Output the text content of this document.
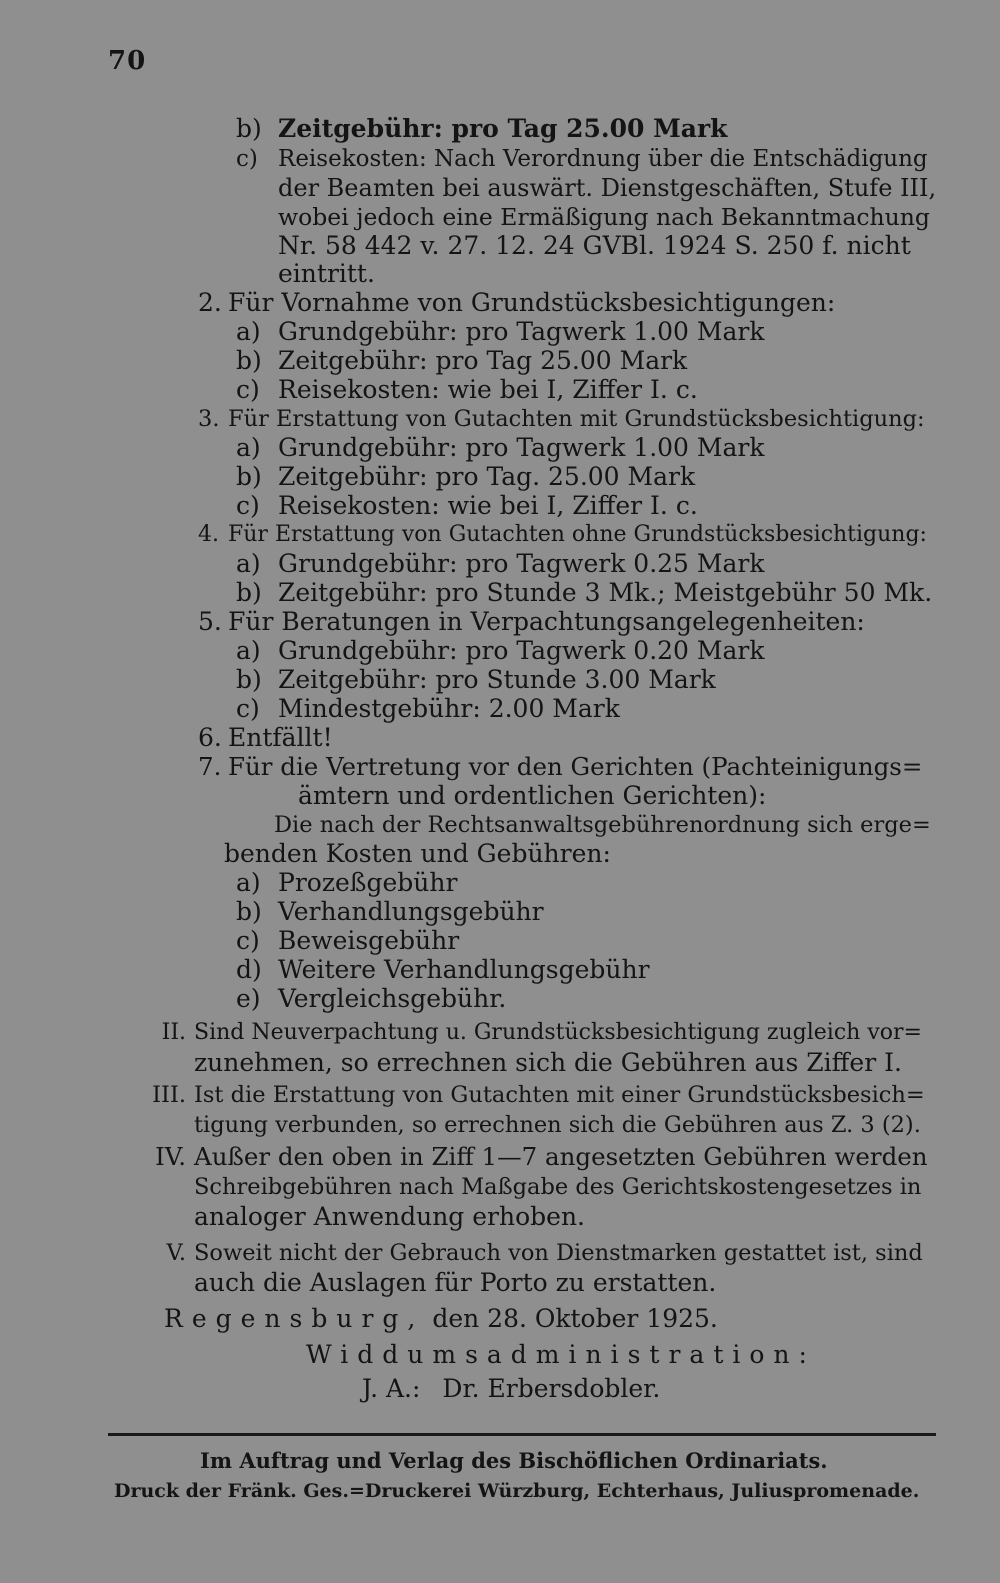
70
b) Zeitgebühr: pro Tag 25.00 Mark
c) Reisekosten: Nach Verordnung über die Entschädigung
der Beamten bei auswärt. Dienstgeschäften, Stufe III,
wobei jedoch eine Ermäßigung nach Bekanntmachung
Nr. 58 442 v. 27. 12. 24 GVBl. 1924 S. 250 f. nicht
eintritt.
2. Für Vornahme von Grundstücksbesichtigungen:
a) Grundgebühr: pro Tagwerk 1.00 Mark
b) Zeitgebühr: pro Tag 25.00 Mark
c) Reisekosten: wie bei I, Ziffer I. c.
3. Für Erstattung von Gutachten mit Grundstücksbesichtigung:
a) Grundgebühr: pro Tagwerk 1.00 Mark
b) Zeitgebühr: pro Tag. 25.00 Mark
c) Reisekosten: wie bei I, Ziffer I. c.
4. Für Erstattung von Gutachten ohne Grundstücksbesichtigung:
a) Grundgebühr: pro Tagwerk 0.25 Mark
b) Zeitgebühr: pro Stunde 3 Mk.; Meistgebühr 50 Mk.
5. Für Beratungen in Verpachtungsangelegenheiten:
a) Grundgebühr: pro Tagwerk 0.20 Mark
b) Zeitgebühr: pro Stunde 3.00 Mark
c) Mindestgebühr: 2.00 Mark
6. Entfällt!
7. Für die Vertretung vor den Gerichten (Pachteinigungs=
ämtern und ordentlichen Gerichten):
Die nach der Rechtsanwaltsgebührenordnung sich erge=
benden Kosten und Gebühren:
a) Prozeßgebühr
b) Verhandlungsgebühr
c) Beweisgebühr
d) Weitere Verhandlungsgebühr
e) Vergleichsgebühr.
II. Sind Neuverpachtung u. Grundstücksbesichtigung zugleich vor=
zunehmen, so errechnen sich die Gebühren aus Ziffer I.
III. Ist die Erstattung von Gutachten mit einer Grundstücksbesich=
tigung verbunden, so errechnen sich die Gebühren aus Z. 3 (2).
IV. Außer den oben in Ziff 1—7 angesetzten Gebühren werden
Schreibgebühren nach Maßgabe des Gerichtskostengesetzes in
analoger Anwendung erhoben.
V. Soweit nicht der Gebrauch von Dienstmarken gestattet ist, sind
auch die Auslagen für Porto zu erstatten.
Regensburg, den 28. Oktober 1925.
Widdumsadministration:
J. A.: Dr. Erbersdobler.
Im Auftrag und Verlag des Bischöflichen Ordinariats.
Druck der Fränk. Ges.=Druckerei Würzburg, Echterhaus, Juliuspromenade.
